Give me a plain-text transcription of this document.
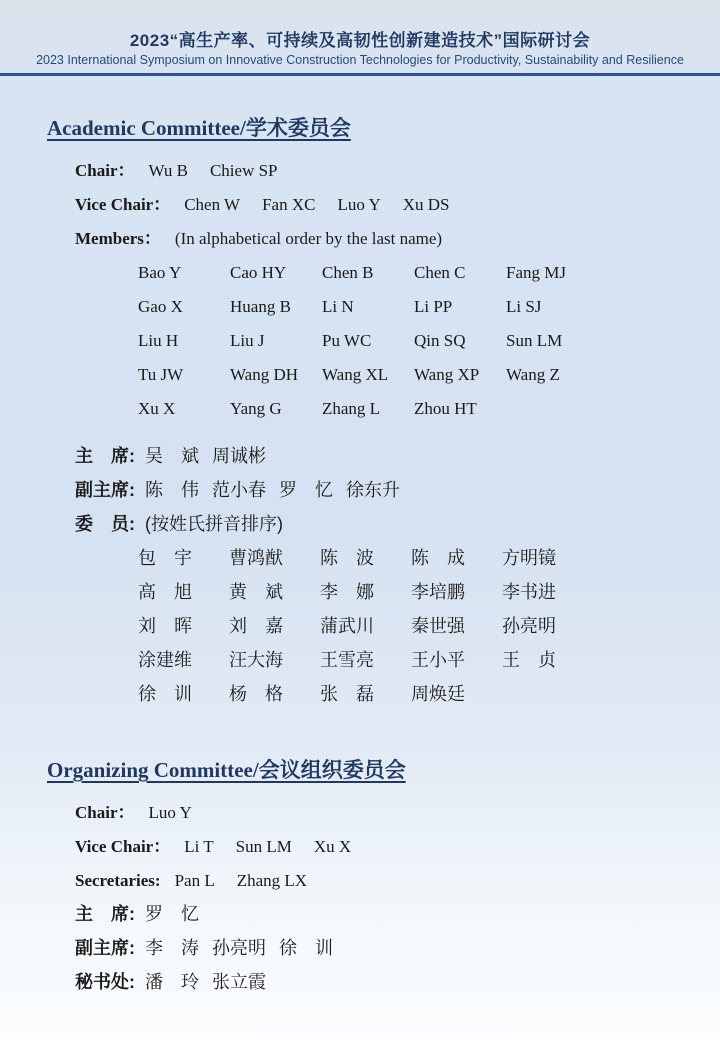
2023“高生产率、可持续及高韧性创新建造技术”国际研讨会
2023 International Symposium on Innovative Construction Technologies for Productivity, Sustainability and Resilience
Academic Committee/学术委员会
Chair： Wu B Chiew SP
Vice Chair： Chen W Fan XC Luo Y Xu DS
Members： (In alphabetical order by the last name)
Bao Y	Cao HY	Chen B	Chen C	Fang MJ
Gao X	Huang B	Li N	Li PP	Li SJ
Liu H	Liu J	Pu WC	Qin SQ	Sun LM
Tu JW	Wang DH	Wang XL	Wang XP	Wang Z
Xu X	Yang G	Zhang L	Zhou HT
主　席: 吴　斌 周诚彬
副主席: 陈　伟 范小春 罗　忆 徐东升
委　员: (按姓氏拼音排序)
包　宇	曹鸿猷	陈　波	陈　成	方明镜
高　旭	黄　斌	李　娜	李培鹏	李书进
刘　晖	刘　嘉	蒲武川	秦世强	孙亮明
涂建维	汪大海	王雪亮	王小平	王　贞
徐　训	杨　格	张　磊	周焕廷
Organizing Committee/会议组织委员会
Chair： Luo Y
Vice Chair： Li T Sun LM Xu X
Secretaries: Pan L Zhang LX
主　席: 罗　忆
副主席: 李　涛 孙亮明 徐　训
秘书处: 潘　玲 张立霞
